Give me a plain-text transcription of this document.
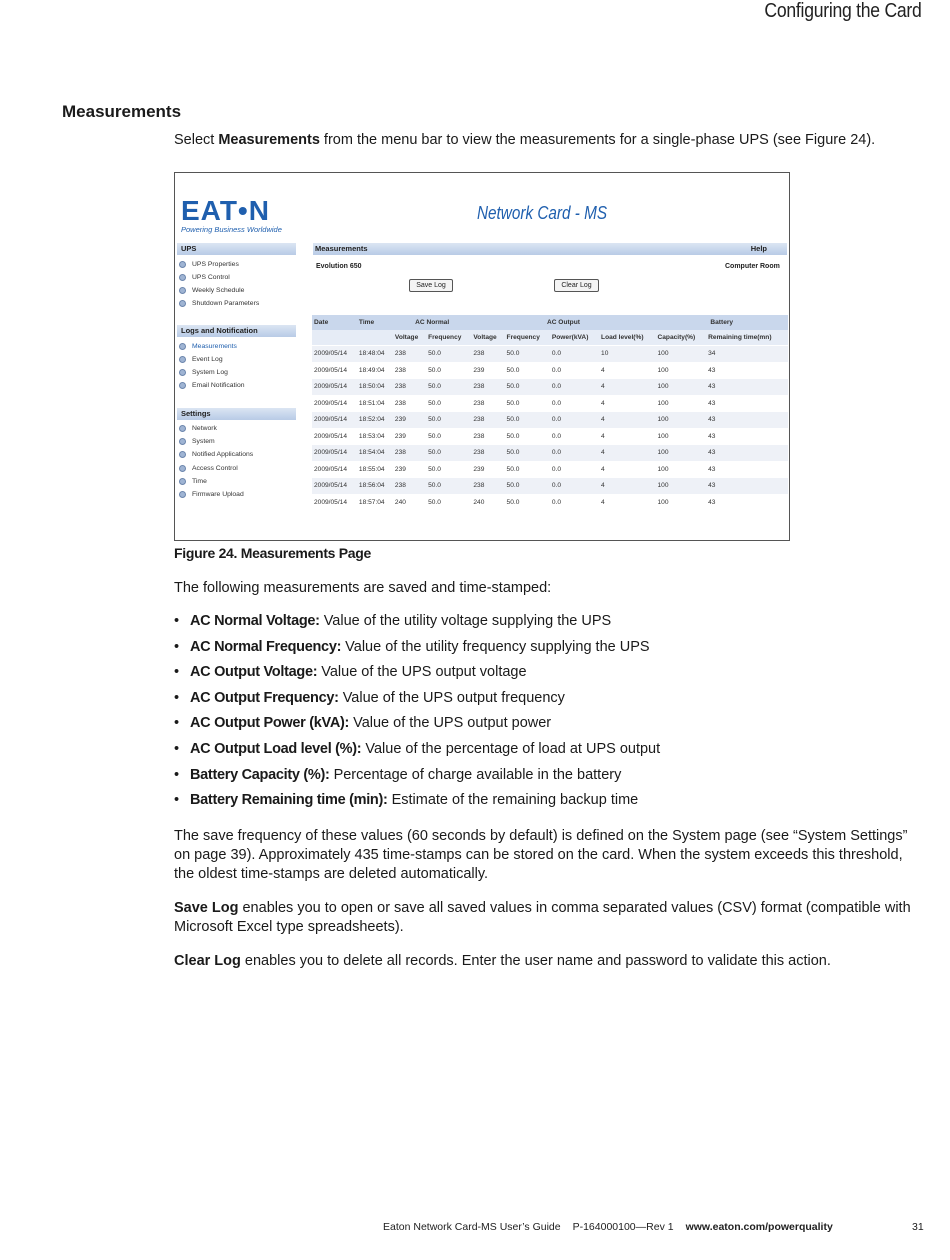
Configuring the Card
Measurements
Select Measurements from the menu bar to view the measurements for a single-phase UPS (see Figure 24).
EAT•N
Powering Business Worldwide
Network Card - MS
UPS
UPS Properties
UPS Control
Weekly Schedule
Shutdown Parameters
Logs and Notification
Measurements
Event Log
System Log
Email Notification
Settings
Network
System
Notified Applications
Access Control
Time
Firmware Upload
Measurements	Help
Evolution 650	Computer Room
Save Log	Clear Log
Date	Time	AC Normal		AC Output				Battery	
		Voltage	Frequency	Voltage	Frequency	Power(kVA)	Load level(%)	Capacity(%)	Remaining time(mn)
2009/05/14	18:48:04	238	50.0	238	50.0	0.0	10	100	34
2009/05/14	18:49:04	238	50.0	239	50.0	0.0	4	100	43
2009/05/14	18:50:04	238	50.0	238	50.0	0.0	4	100	43
2009/05/14	18:51:04	238	50.0	238	50.0	0.0	4	100	43
2009/05/14	18:52:04	239	50.0	238	50.0	0.0	4	100	43
2009/05/14	18:53:04	239	50.0	238	50.0	0.0	4	100	43
2009/05/14	18:54:04	238	50.0	238	50.0	0.0	4	100	43
2009/05/14	18:55:04	239	50.0	239	50.0	0.0	4	100	43
2009/05/14	18:56:04	238	50.0	238	50.0	0.0	4	100	43
2009/05/14	18:57:04	240	50.0	240	50.0	0.0	4	100	43
Figure 24. Measurements Page
The following measurements are saved and time-stamped:
• AC Normal Voltage: Value of the utility voltage supplying the UPS
• AC Normal Frequency: Value of the utility frequency supplying the UPS
• AC Output Voltage: Value of the UPS output voltage
• AC Output Frequency: Value of the UPS output frequency
• AC Output Power (kVA): Value of the UPS output power
• AC Output Load level (%): Value of the percentage of load at UPS output
• Battery Capacity (%): Percentage of charge available in the battery
• Battery Remaining time (min): Estimate of the remaining backup time
The save frequency of these values (60 seconds by default) is defined on the System page (see “System Settings” on page 39). Approximately 435 time-stamps can be stored on the card. When the system exceeds this threshold, the oldest time-stamps are deleted automatically.
Save Log enables you to open or save all saved values in comma separated values (CSV) format (compatible with Microsoft Excel type spreadsheets).
Clear Log enables you to delete all records. Enter the user name and password to validate this action.
Eaton Network Card-MS User’s Guide P-164000100—Rev 1 www.eaton.com/powerquality	31
